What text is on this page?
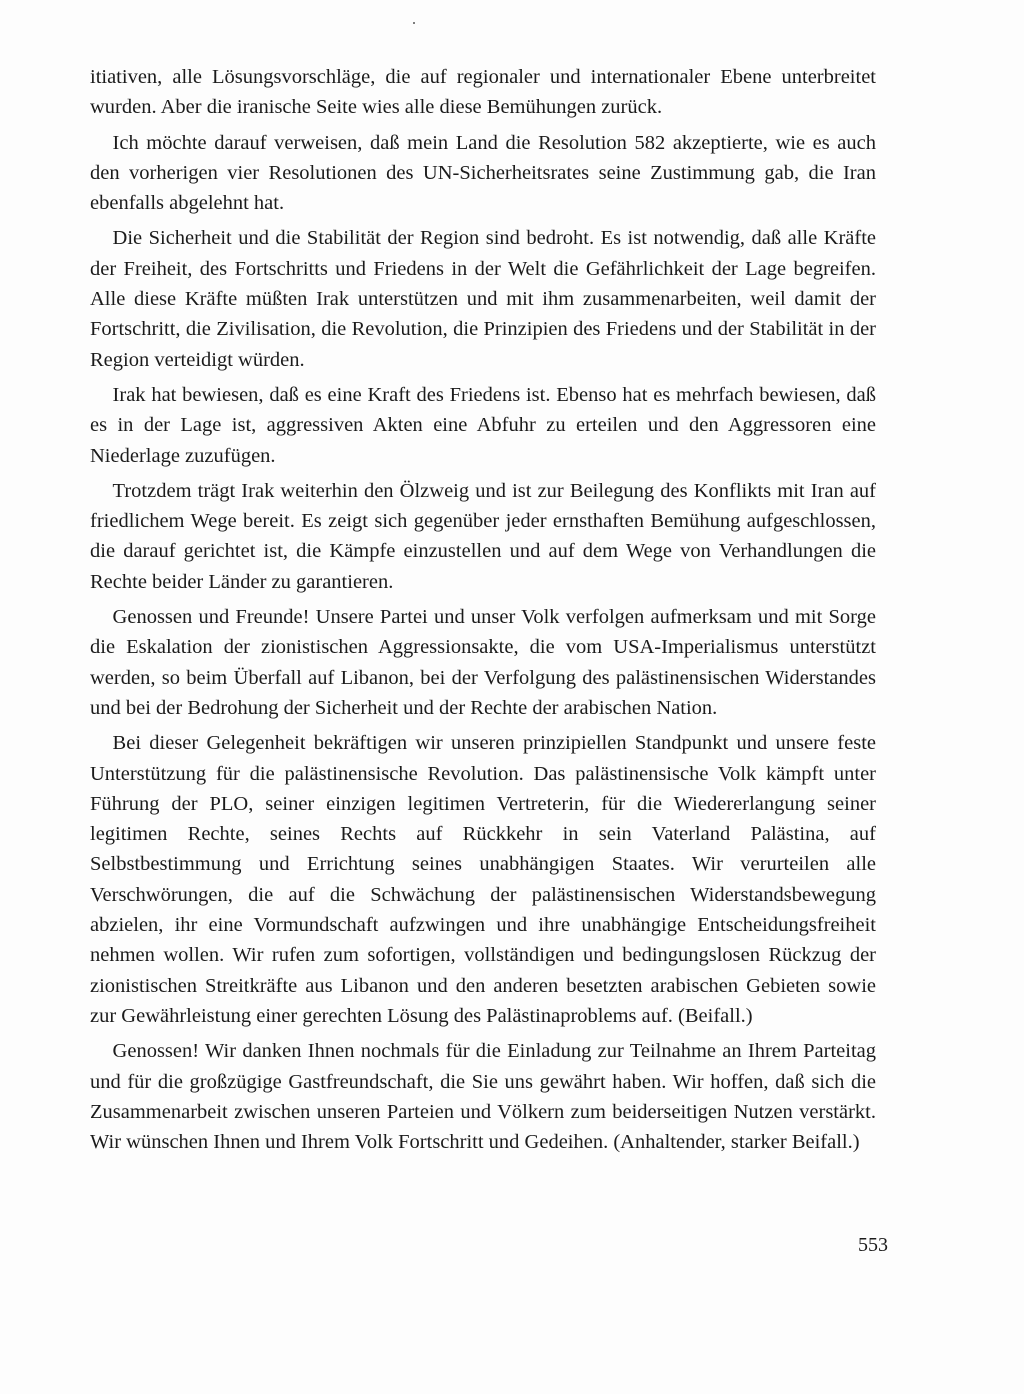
itiativen, alle Lösungsvorschläge, die auf regionaler und internationaler Ebene unterbreitet wurden. Aber die iranische Seite wies alle diese Bemühungen zurück.

Ich möchte darauf verweisen, daß mein Land die Resolution 582 akzeptierte, wie es auch den vorherigen vier Resolutionen des UN-Sicherheitsrates seine Zustimmung gab, die Iran ebenfalls abgelehnt hat.

Die Sicherheit und die Stabilität der Region sind bedroht. Es ist notwendig, daß alle Kräfte der Freiheit, des Fortschritts und Friedens in der Welt die Gefährlichkeit der Lage begreifen. Alle diese Kräfte müßten Irak unterstützen und mit ihm zusammenarbeiten, weil damit der Fortschritt, die Zivilisation, die Revolution, die Prinzipien des Friedens und der Stabilität in der Region verteidigt würden.

Irak hat bewiesen, daß es eine Kraft des Friedens ist. Ebenso hat es mehrfach bewiesen, daß es in der Lage ist, aggressiven Akten eine Abfuhr zu erteilen und den Aggressoren eine Niederlage zuzufügen.

Trotzdem trägt Irak weiterhin den Ölzweig und ist zur Beilegung des Konflikts mit Iran auf friedlichem Wege bereit. Es zeigt sich gegenüber jeder ernsthaften Bemühung aufgeschlossen, die darauf gerichtet ist, die Kämpfe einzustellen und auf dem Wege von Verhandlungen die Rechte beider Länder zu garantieren.

Genossen und Freunde! Unsere Partei und unser Volk verfolgen aufmerksam und mit Sorge die Eskalation der zionistischen Aggressionsakte, die vom USA-Imperialismus unterstützt werden, so beim Überfall auf Libanon, bei der Verfolgung des palästinensischen Widerstandes und bei der Bedrohung der Sicherheit und der Rechte der arabischen Nation.

Bei dieser Gelegenheit bekräftigen wir unseren prinzipiellen Standpunkt und unsere feste Unterstützung für die palästinensische Revolution. Das palästinensische Volk kämpft unter Führung der PLO, seiner einzigen legitimen Vertreterin, für die Wiedererlangung seiner legitimen Rechte, seines Rechts auf Rückkehr in sein Vaterland Palästina, auf Selbstbestimmung und Errichtung seines unabhängigen Staates. Wir verurteilen alle Verschwörungen, die auf die Schwächung der palästinensischen Widerstandsbewegung abzielen, ihr eine Vormundschaft aufzwingen und ihre unabhängige Entscheidungsfreiheit nehmen wollen. Wir rufen zum sofortigen, vollständigen und bedingungslosen Rückzug der zionistischen Streitkräfte aus Libanon und den anderen besetzten arabischen Gebieten sowie zur Gewährleistung einer gerechten Lösung des Palästinaproblems auf. (Beifall.)

Genossen! Wir danken Ihnen nochmals für die Einladung zur Teilnahme an Ihrem Parteitag und für die großzügige Gastfreundschaft, die Sie uns gewährt haben. Wir hoffen, daß sich die Zusammenarbeit zwischen unseren Parteien und Völkern zum beiderseitigen Nutzen verstärkt. Wir wünschen Ihnen und Ihrem Volk Fortschritt und Gedeihen. (Anhaltender, starker Beifall.)

553
